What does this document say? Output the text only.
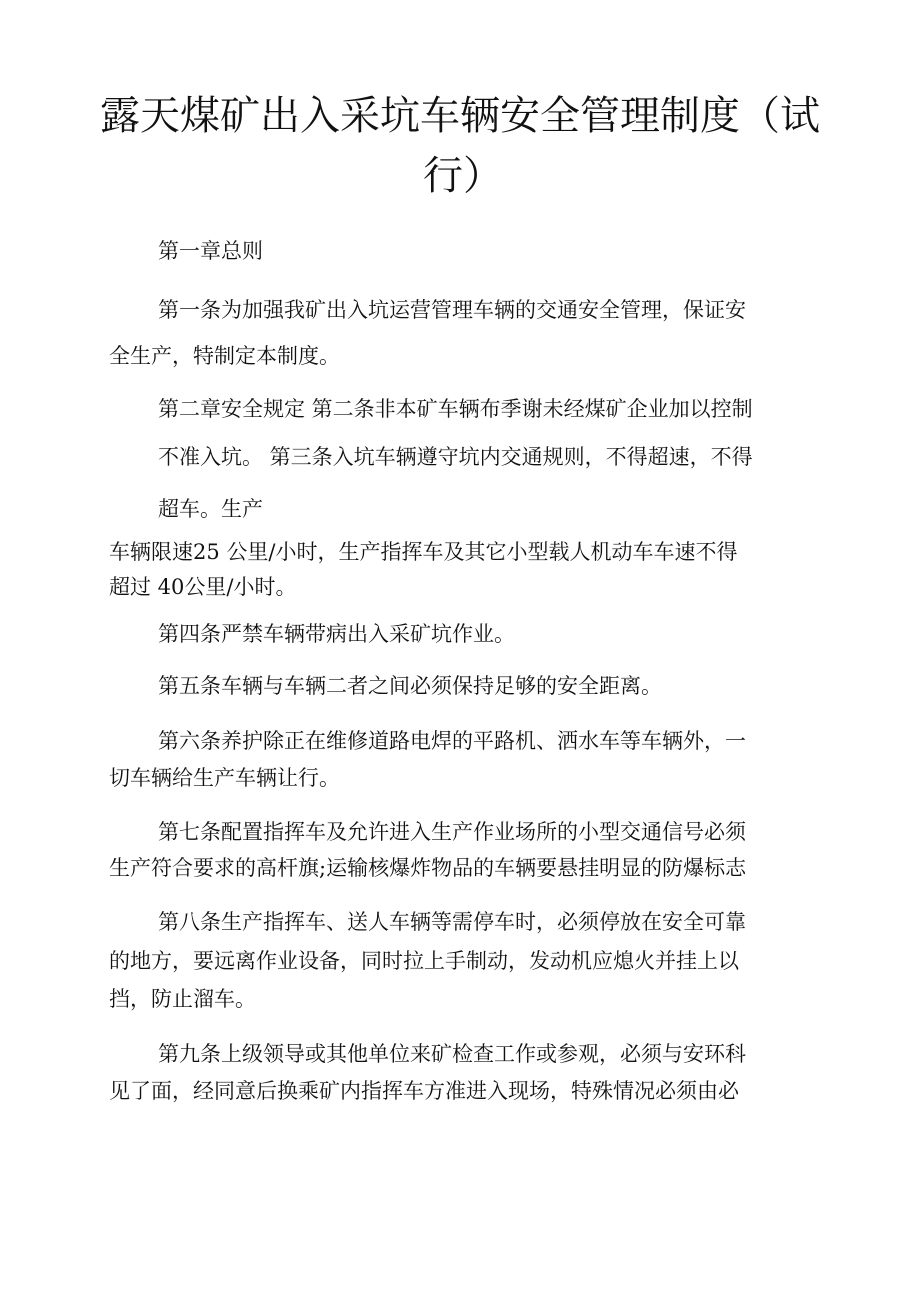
露天煤矿出入采坑车辆安全管理制度（试
行）

第一章总则

第一条为加强我矿出入坑运营管理车辆的交通安全管理，保证安

全生产，特制定本制度。

第二章安全规定 第二条非本矿车辆布季谢未经煤矿企业加以控制

不准入坑。 第三条入坑车辆遵守坑内交通规则，不得超速，不得

超车。生产

车辆限速25 公里/小时，生产指挥车及其它小型载人机动车车速不得

超过 40公里/小时。

第四条严禁车辆带病出入采矿坑作业。

第五条车辆与车辆二者之间必须保持足够的安全距离。

第六条养护除正在维修道路电焊的平路机、洒水车等车辆外，一

切车辆给生产车辆让行。

第七条配置指挥车及允许进入生产作业场所的小型交通信号必须

生产符合要求的高杆旗;运输核爆炸物品的车辆要悬挂明显的防爆标志

第八条生产指挥车、送人车辆等需停车时，必须停放在安全可靠

的地方，要远离作业设备，同时拉上手制动，发动机应熄火并挂上以

挡，防止溜车。

第九条上级领导或其他单位来矿检查工作或参观，必须与安环科

见了面，经同意后换乘矿内指挥车方准进入现场，特殊情况必须由必
